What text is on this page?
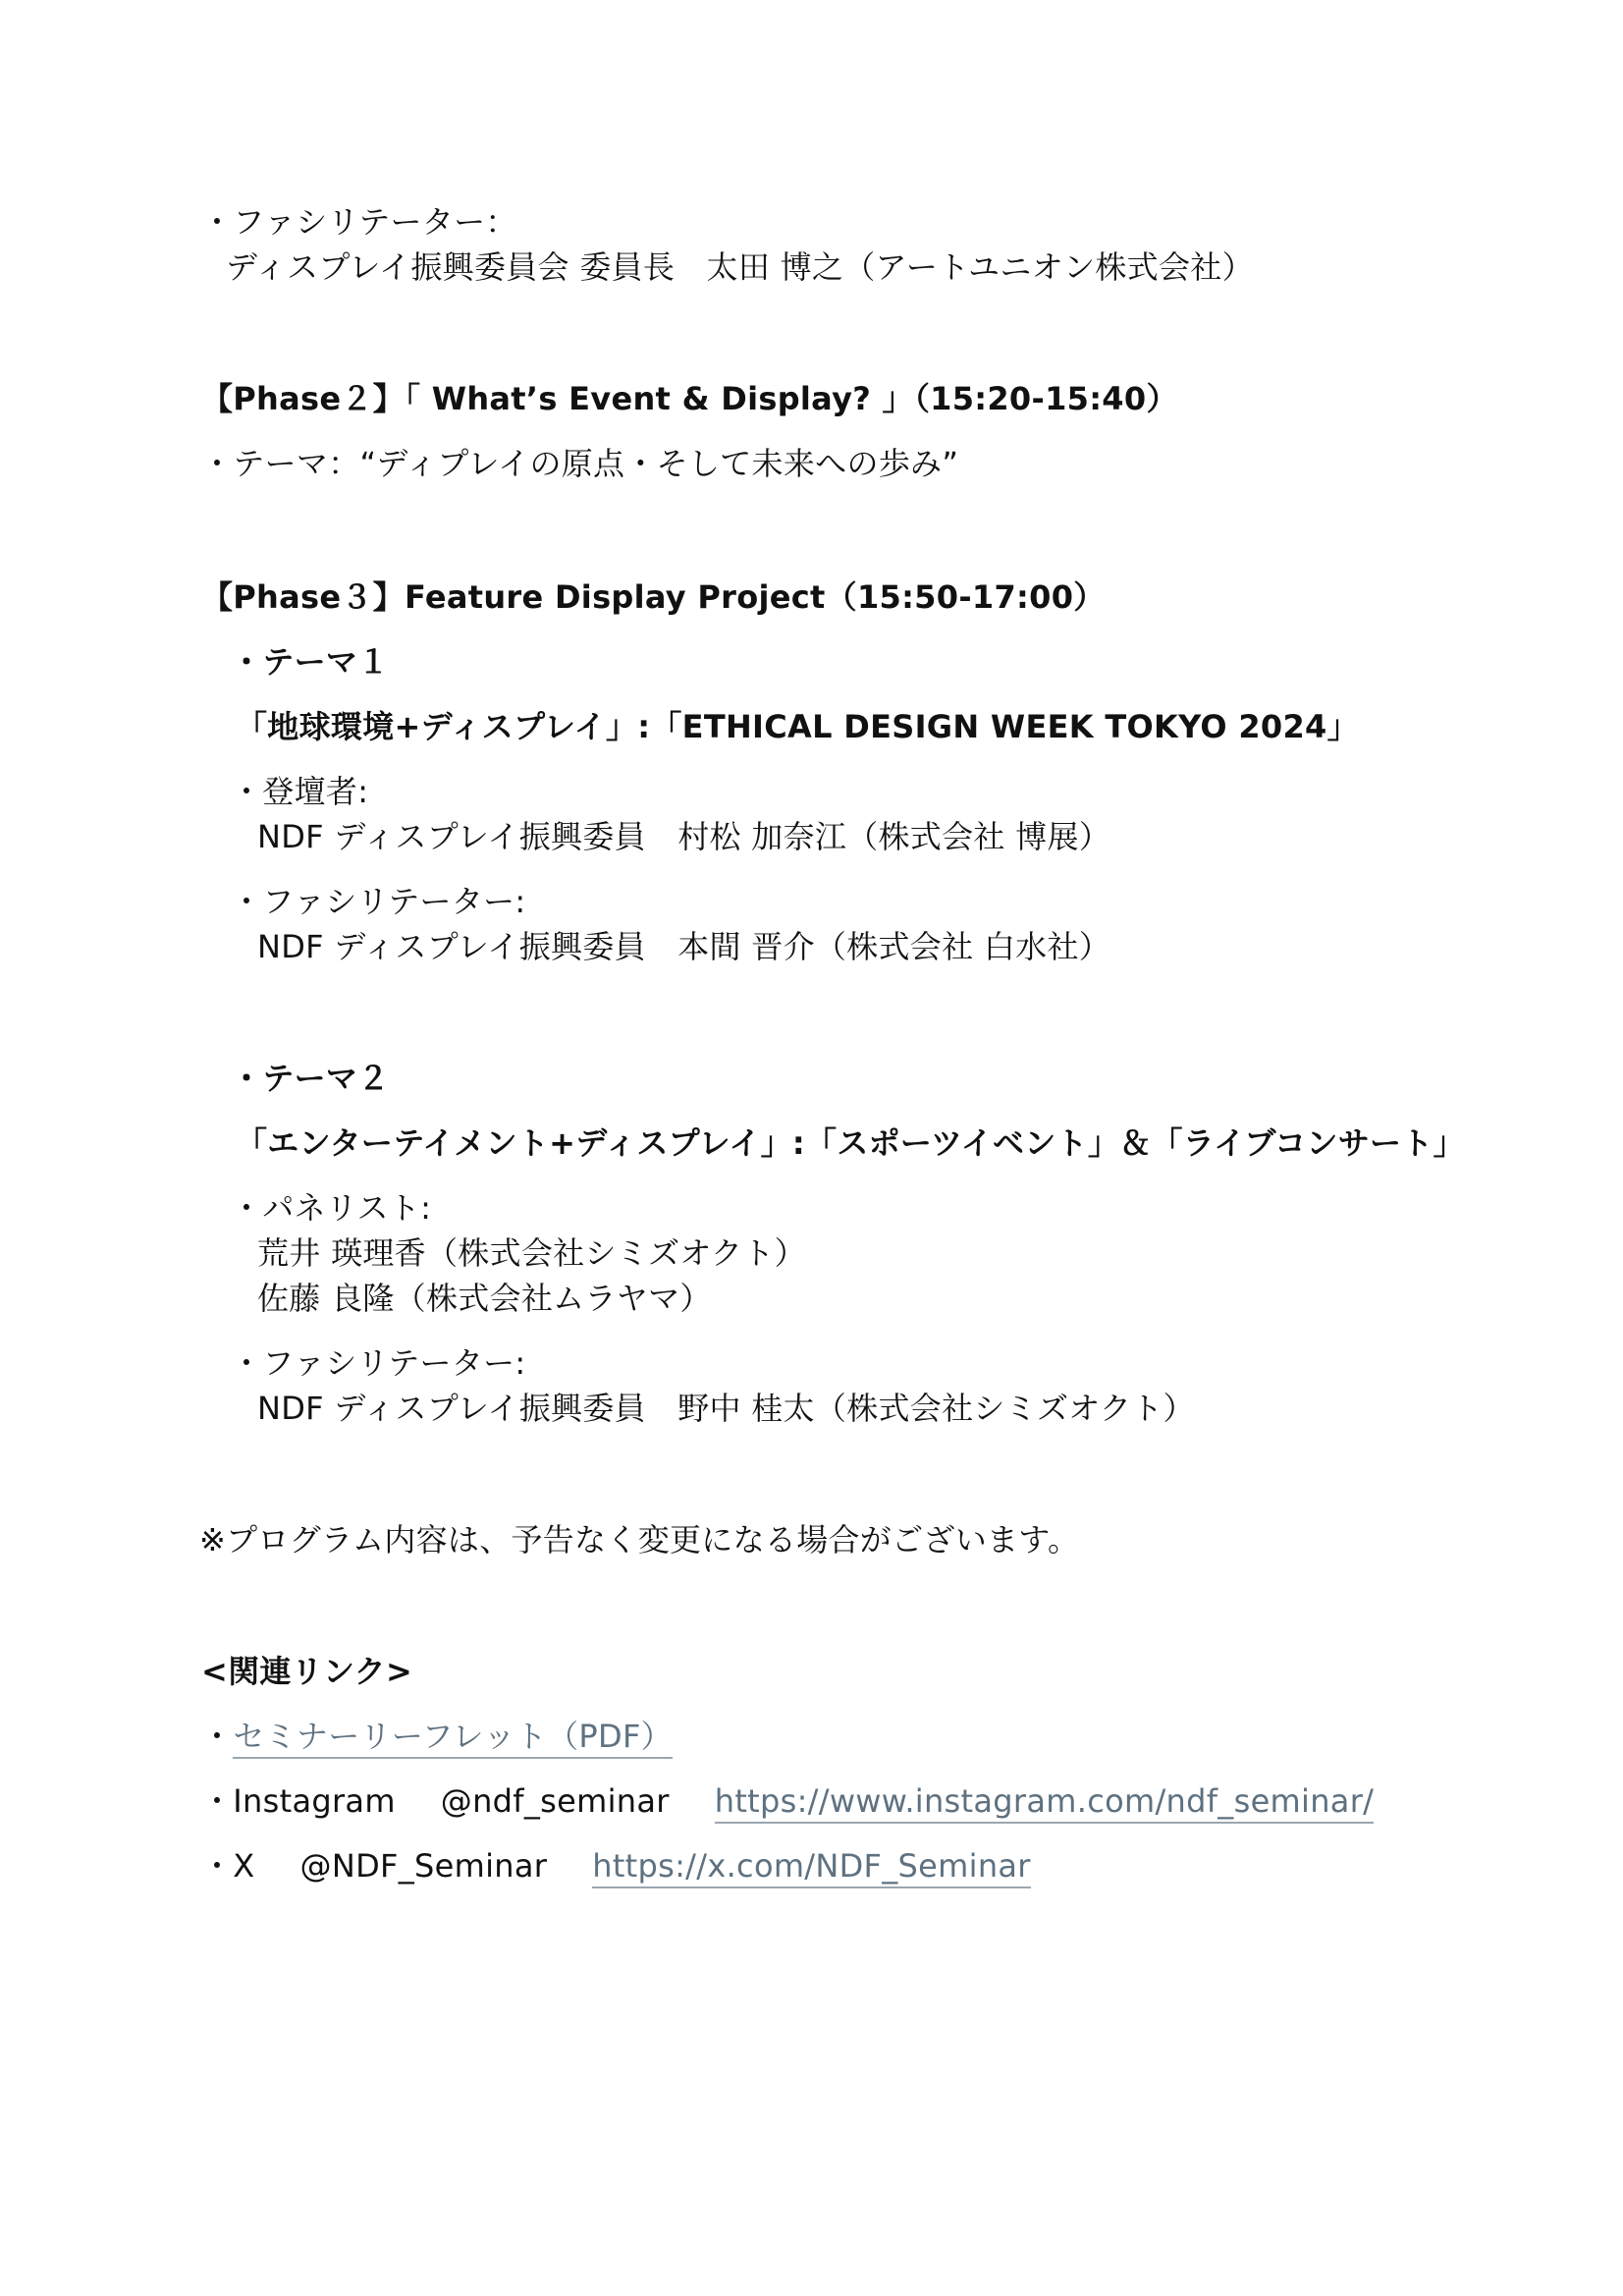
・ファシリテーター：
ディスプレイ振興委員会 委員長　太田 博之（アートユニオン株式会社）
【Phase２】「 What’s Event & Display? 」（15:20-15:40）
・テーマ：“ディプレイの原点・そして未来への歩み”
【Phase３】Feature Display Project（15:50-17:00）
・テーマ１
「地球環境+ディスプレイ」:「ETHICAL DESIGN WEEK TOKYO 2024」
・登壇者:
NDF ディスプレイ振興委員　村松 加奈江（株式会社 博展）
・ファシリテーター:
NDF ディスプレイ振興委員　本間 晋介（株式会社 白水社）
・テーマ２
「エンターテイメント+ディスプレイ」:「スポーツイベント」＆「ライブコンサート」
・パネリスト:
荒井 瑛理香（株式会社シミズオクト）
佐藤 良隆（株式会社ムラヤマ）
・ファシリテーター:
NDF ディスプレイ振興委員　野中 桂太（株式会社シミズオクト）
※プログラム内容は、予告なく変更になる場合がございます。
<関連リンク>
・セミナーリーフレット（PDF）
・Instagram @ndf_seminar https://www.instagram.com/ndf_seminar/
・X @NDF_Seminar https://x.com/NDF_Seminar
